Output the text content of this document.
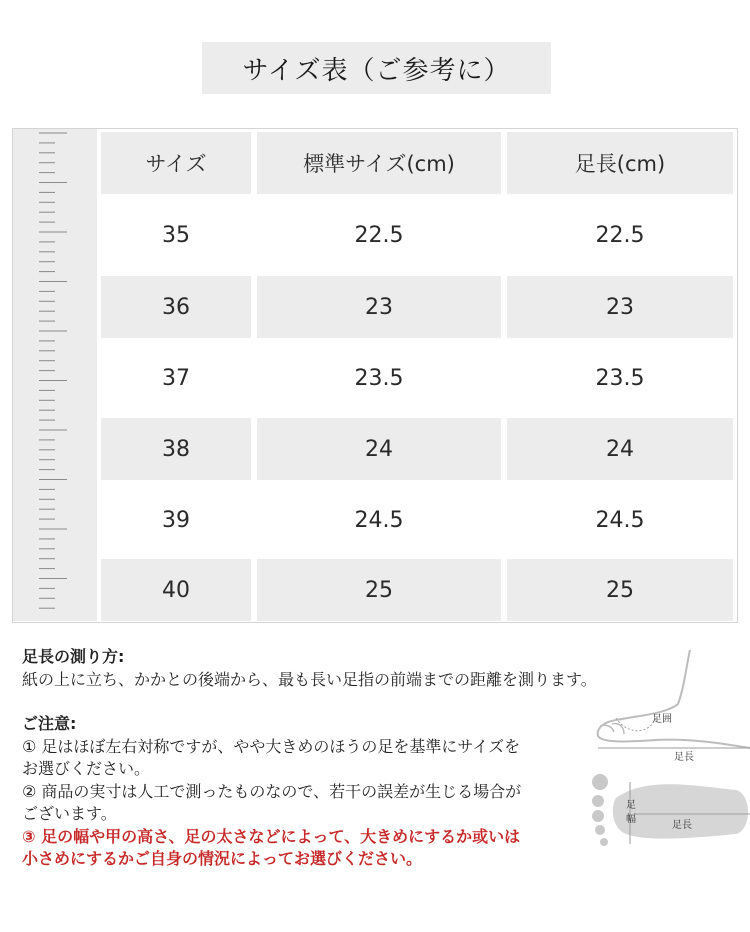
サイズ表（ご参考に）
サイズ	標準サイズ(cm)	足長(cm)
35	22.5	22.5
36	23	23
37	23.5	23.5
38	24	24
39	24.5	24.5
40	25	25
足長の測り方:
紙の上に立ち、かかとの後端から、最も長い足指の前端までの距離を測ります。
ご注意:
① 足はほぼ左右対称ですが、やや大きめのほうの足を基準にサイズを
お選びください。
② 商品の実寸は人工で測ったものなので、若干の誤差が生じる場合が
ございます。
③ 足の幅や甲の高さ、足の太さなどによって、大きめにするか或いは
小さめにするかご自身の情況によってお選びください。
足囲
足長
足
幅
足長
